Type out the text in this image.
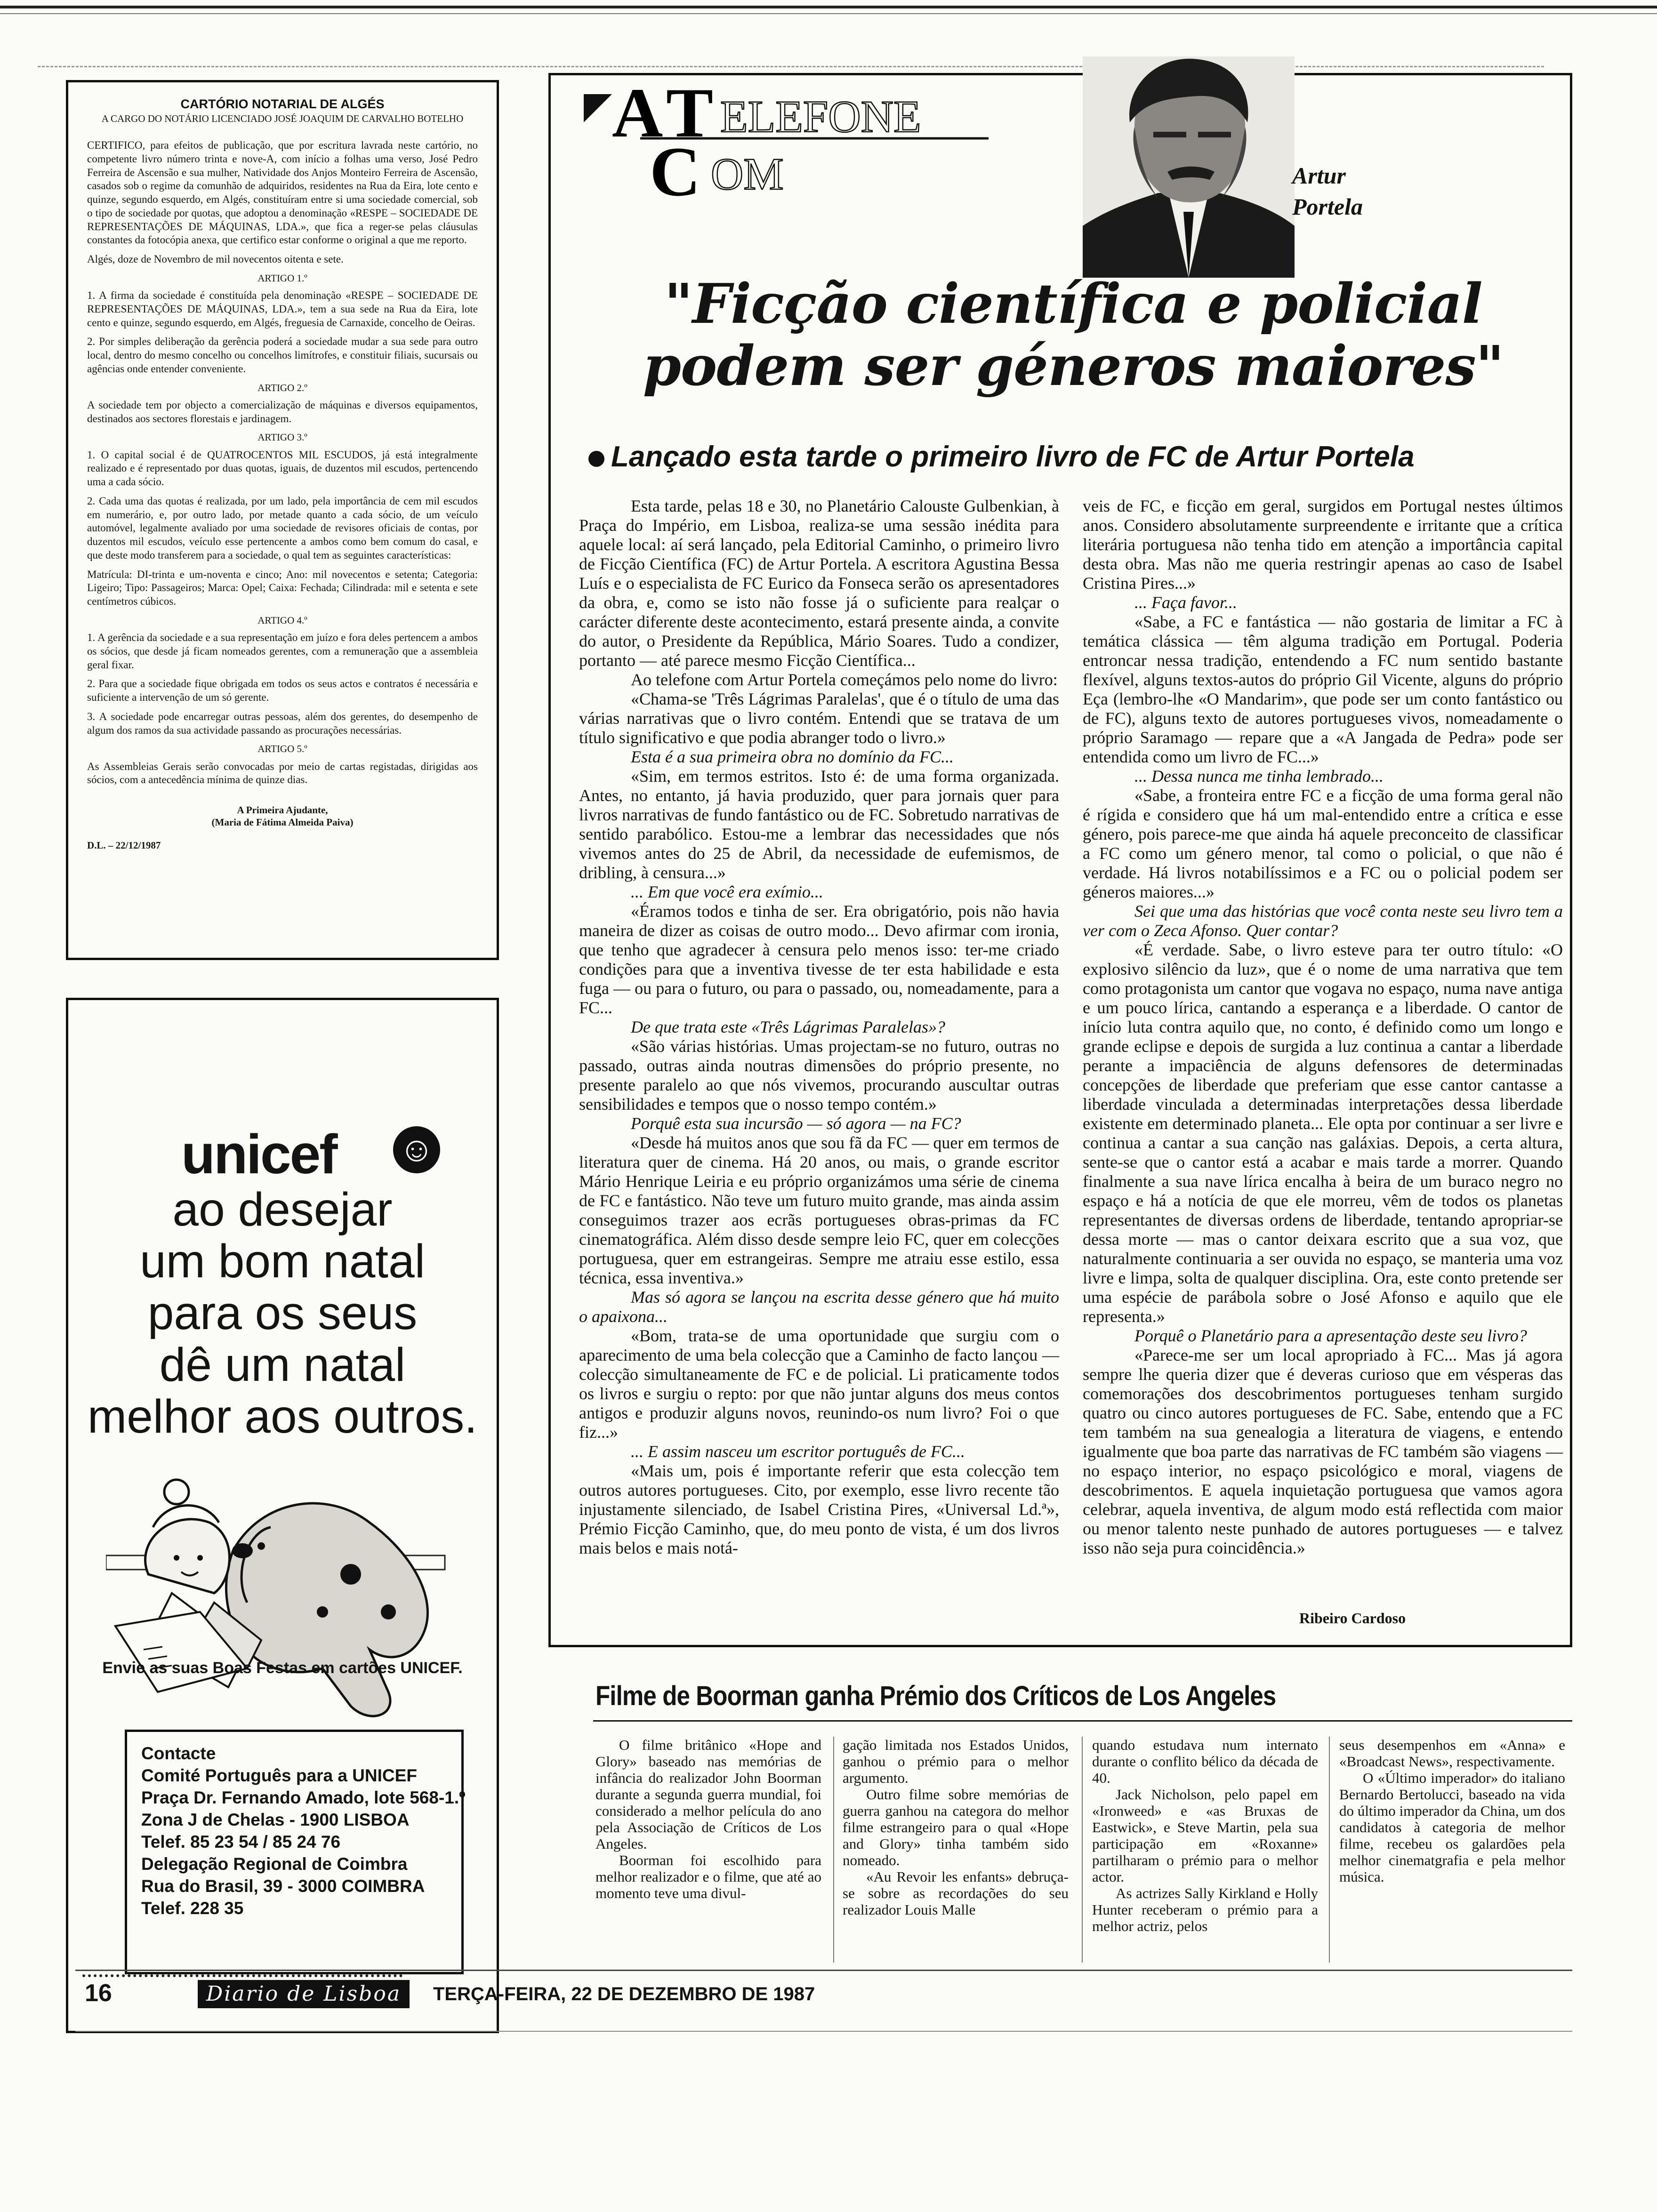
CARTÓRIO NOTARIAL DE ALGÉS
A CARGO DO NOTÁRIO LICENCIADO JOSÉ JOAQUIM DE CARVALHO BOTELHO

CERTIFICO, para efeitos de publicação, que por escritura lavrada neste cartório, no competente livro número trinta e nove-A, com início a folhas uma verso, José Pedro Ferreira de Ascensão e sua mulher, Natividade dos Anjos Monteiro Ferreira de Ascensão, casados sob o regime da comunhão de adquiridos, residentes na Rua da Eira, lote cento e quinze, segundo esquerdo, em Algés, constituíram entre si uma sociedade comercial, sob o tipo de sociedade por quotas, que adoptou a denominação «RESPE – SOCIEDADE DE REPRESENTAÇÕES DE MÁQUINAS, LDA.», que fica a reger-se pelas cláusulas constantes da fotocópia anexa, que certifico estar conforme o original a que me reporto.

Algés, doze de Novembro de mil novecentos oitenta e sete.

ARTIGO 1.º

1. A firma da sociedade é constituída pela denominação «RESPE – SOCIEDADE DE REPRESENTAÇÕES DE MÁQUINAS, LDA.», tem a sua sede na Rua da Eira, lote cento e quinze, segundo esquerdo, em Algés, freguesia de Carnaxide, concelho de Oeiras.

2. Por simples deliberação da gerência poderá a sociedade mudar a sua sede para outro local, dentro do mesmo concelho ou concelhos limítrofes, e constituir filiais, sucursais ou agências onde entender conveniente.

ARTIGO 2.º

A sociedade tem por objecto a comercialização de máquinas e diversos equipamentos, destinados aos sectores florestais e jardinagem.

ARTIGO 3.º

1. O capital social é de QUATROCENTOS MIL ESCUDOS, já está integralmente realizado e é representado por duas quotas, iguais, de duzentos mil escudos, pertencendo uma a cada sócio.

2. Cada uma das quotas é realizada, por um lado, pela importância de cem mil escudos em numerário, e, por outro lado, por metade quanto a cada sócio, de um veículo automóvel, legalmente avaliado por uma sociedade de revisores oficiais de contas, por duzentos mil escudos, veículo esse pertencente a ambos como bem comum do casal, e que deste modo transferem para a sociedade, o qual tem as seguintes características:

Matrícula: DI-trinta e um-noventa e cinco; Ano: mil novecentos e setenta; Categoria: Ligeiro; Tipo: Passageiros; Marca: Opel; Caixa: Fechada; Cilindrada: mil e setenta e sete centímetros cúbicos.

ARTIGO 4.º

1. A gerência da sociedade e a sua representação em juízo e fora deles pertencem a ambos os sócios, que desde já ficam nomeados gerentes, com a remuneração que a assembleia geral fixar.

2. Para que a sociedade fique obrigada em todos os seus actos e contratos é necessária e suficiente a intervenção de um só gerente.

3. A sociedade pode encarregar outras pessoas, além dos gerentes, do desempenho de algum dos ramos da sua actividade passando as procurações necessárias.

ARTIGO 5.º

As Assembleias Gerais serão convocadas por meio de cartas registadas, dirigidas aos sócios, com a antecedência mínima de quinze dias.

A Primeira Ajudante,
(Maria de Fátima Almeida Paiva)
D.L. – 22/12/1987
unicef ☺
ao desejar
um bom natal
para os seus
dê um natal
melhor aos outros.
Envie as suas Boas Festas em cartões UNICEF.
Contacte
Comité Português para a UNICEF
Praça Dr. Fernando Amado, lote 568-1.º
Zona J de Chelas - 1900 LISBOA
Telef. 85 23 54 / 85 24 76
Delegação Regional de Coimbra
Rua do Brasil, 39 - 3000 COIMBRA
Telef. 228 35
A T ELEFONE
C OM	Artur
Portela
"Ficção científica e policial
podem ser géneros maiores"
Lançado esta tarde o primeiro livro de FC de Artur Portela

Esta tarde, pelas 18 e 30, no Planetário Calouste Gulbenkian, à Praça do Império, em Lisboa, realiza-se uma sessão inédita para aquele local: aí será lançado, pela Editorial Caminho, o primeiro livro de Ficção Científica (FC) de Artur Portela. A escritora Agustina Bessa Luís e o especialista de FC Eurico da Fonseca serão os apresentadores da obra, e, como se isto não fosse já o suficiente para realçar o carácter diferente deste acontecimento, estará presente ainda, a convite do autor, o Presidente da República, Mário Soares. Tudo a condizer, portanto — até parece mesmo Ficção Científica...

Ao telefone com Artur Portela começámos pelo nome do livro:

«Chama-se 'Três Lágrimas Paralelas', que é o título de uma das várias narrativas que o livro contém. Entendi que se tratava de um título significativo e que podia abranger todo o livro.»

Esta é a sua primeira obra no domínio da FC...

«Sim, em termos estritos. Isto é: de uma forma organizada. Antes, no entanto, já havia produzido, quer para jornais quer para livros narrativas de fundo fantástico ou de FC. Sobretudo narrativas de sentido parabólico. Estou-me a lembrar das necessidades que nós vivemos antes do 25 de Abril, da necessidade de eufemismos, de dribling, à censura...»

... Em que você era exímio...

«Éramos todos e tinha de ser. Era obrigatório, pois não havia maneira de dizer as coisas de outro modo... Devo afirmar com ironia, que tenho que agradecer à censura pelo menos isso: ter-me criado condições para que a inventiva tivesse de ter esta habilidade e esta fuga — ou para o futuro, ou para o passado, ou, nomeadamente, para a FC...

De que trata este «Três Lágrimas Paralelas»?

«São várias histórias. Umas projectam-se no futuro, outras no passado, outras ainda noutras dimensões do próprio presente, no presente paralelo ao que nós vivemos, procurando auscultar outras sensibilidades e tempos que o nosso tempo contém.»

Porquê esta sua incursão — só agora — na FC?

«Desde há muitos anos que sou fã da FC — quer em termos de literatura quer de cinema. Há 20 anos, ou mais, o grande escritor Mário Henrique Leiria e eu próprio organizámos uma série de cinema de FC e fantástico. Não teve um futuro muito grande, mas ainda assim conseguimos trazer aos ecrãs portugueses obras-primas da FC cinematográfica. Além disso desde sempre leio FC, quer em colecções portuguesa, quer em estrangeiras. Sempre me atraiu esse estilo, essa técnica, essa inventiva.»

Mas só agora se lançou na escrita desse género que há muito o apaixona...

«Bom, trata-se de uma oportunidade que surgiu com o aparecimento de uma bela colecção que a Caminho de facto lançou — colecção simultaneamente de FC e de policial. Li praticamente todos os livros e surgiu o repto: por que não juntar alguns dos meus contos antigos e produzir alguns novos, reunindo-os num livro? Foi o que fiz...»

... E assim nasceu um escritor português de FC...

«Mais um, pois é importante referir que esta colecção tem outros autores portugueses. Cito, por exemplo, esse livro recente tão injustamente silenciado, de Isabel Cristina Pires, «Universal Ld.ª», Prémio Ficção Caminho, que, do meu ponto de vista, é um dos livros mais belos e mais notá-

veis de FC, e ficção em geral, surgidos em Portugal nestes últimos anos. Considero absolutamente surpreendente e irritante que a crítica literária portuguesa não tenha tido em atenção a importância capital desta obra. Mas não me queria restringir apenas ao caso de Isabel Cristina Pires...»

... Faça favor...

«Sabe, a FC e fantástica — não gostaria de limitar a FC à temática clássica — têm alguma tradição em Portugal. Poderia entroncar nessa tradição, entendendo a FC num sentido bastante flexível, alguns textos-autos do próprio Gil Vicente, alguns do próprio Eça (lembro-lhe «O Mandarim», que pode ser um conto fantástico ou de FC), alguns texto de autores portugueses vivos, nomeadamente o próprio Saramago — repare que a «A Jangada de Pedra» pode ser entendida como um livro de FC...»

... Dessa nunca me tinha lembrado...

«Sabe, a fronteira entre FC e a ficção de uma forma geral não é rígida e considero que há um mal-entendido entre a crítica e esse género, pois parece-me que ainda há aquele preconceito de classificar a FC como um género menor, tal como o policial, o que não é verdade. Há livros notabilíssimos e a FC ou o policial podem ser géneros maiores...»

Sei que uma das histórias que você conta neste seu livro tem a ver com o Zeca Afonso. Quer contar?

«É verdade. Sabe, o livro esteve para ter outro título: «O explosivo silêncio da luz», que é o nome de uma narrativa que tem como protagonista um cantor que vogava no espaço, numa nave antiga e um pouco lírica, cantando a esperança e a liberdade. O cantor de início luta contra aquilo que, no conto, é definido como um longo e grande eclipse e depois de surgida a luz continua a cantar a liberdade perante a impaciência de alguns defensores de determinadas concepções de liberdade que preferiam que esse cantor cantasse a liberdade vinculada a determinadas interpretações dessa liberdade existente em determinado planeta... Ele opta por continuar a ser livre e continua a cantar a sua canção nas galáxias. Depois, a certa altura, sente-se que o cantor está a acabar e mais tarde a morrer. Quando finalmente a sua nave lírica encalha à beira de um buraco negro no espaço e há a notícia de que ele morreu, vêm de todos os planetas representantes de diversas ordens de liberdade, tentando apropriar-se dessa morte — mas o cantor deixara escrito que a sua voz, que naturalmente continuaria a ser ouvida no espaço, se manteria uma voz livre e limpa, solta de qualquer disciplina. Ora, este conto pretende ser uma espécie de parábola sobre o José Afonso e aquilo que ele representa.»

Porquê o Planetário para a apresentação deste seu livro?

«Parece-me ser um local apropriado à FC... Mas já agora sempre lhe queria dizer que é deveras curioso que em vésperas das comemorações dos descobrimentos portugueses tenham surgido quatro ou cinco autores portugueses de FC. Sabe, entendo que a FC tem também na sua genealogia a literatura de viagens, e entendo igualmente que boa parte das narrativas de FC também são viagens — no espaço interior, no espaço psicológico e moral, viagens de descobrimentos. E aquela inquietação portuguesa que vamos agora celebrar, aquela inventiva, de algum modo está reflectida com maior ou menor talento neste punhado de autores portugueses — e talvez isso não seja pura coincidência.»

Ribeiro Cardoso
Filme de Boorman ganha Prémio dos Críticos de Los Angeles

O filme britânico «Hope and Glory» baseado nas memórias de infância do realizador John Boorman durante a segunda guerra mundial, foi considerado a melhor película do ano pela Associação de Críticos de Los Angeles.

Boorman foi escolhido para melhor realizador e o filme, que até ao momento teve uma divul-

gação limitada nos Estados Unidos, ganhou o prémio para o melhor argumento.

Outro filme sobre memórias de guerra ganhou na categora do melhor filme estrangeiro para o qual «Hope and Glory» tinha também sido nomeado.

«Au Revoir les enfants» debruça-se sobre as recordações do seu realizador Louis Malle

quando estudava num internato durante o conflito bélico da década de 40.

Jack Nicholson, pelo papel em «Ironweed» e «as Bruxas de Eastwick», e Steve Martin, pela sua participação em «Roxanne» partilharam o prémio para o melhor actor.

As actrizes Sally Kirkland e Holly Hunter receberam o prémio para a melhor actriz, pelos

seus desempenhos em «Anna» e «Broadcast News», respectivamente.

O «Último imperador» do italiano Bernardo Bertolucci, baseado na vida do último imperador da China, um dos candidatos à categoria de melhor filme, recebeu os galardões pela melhor cinematgrafia e pela melhor música.

16	Diario de Lisboa	TERÇA-FEIRA, 22 DE DEZEMBRO DE 1987
